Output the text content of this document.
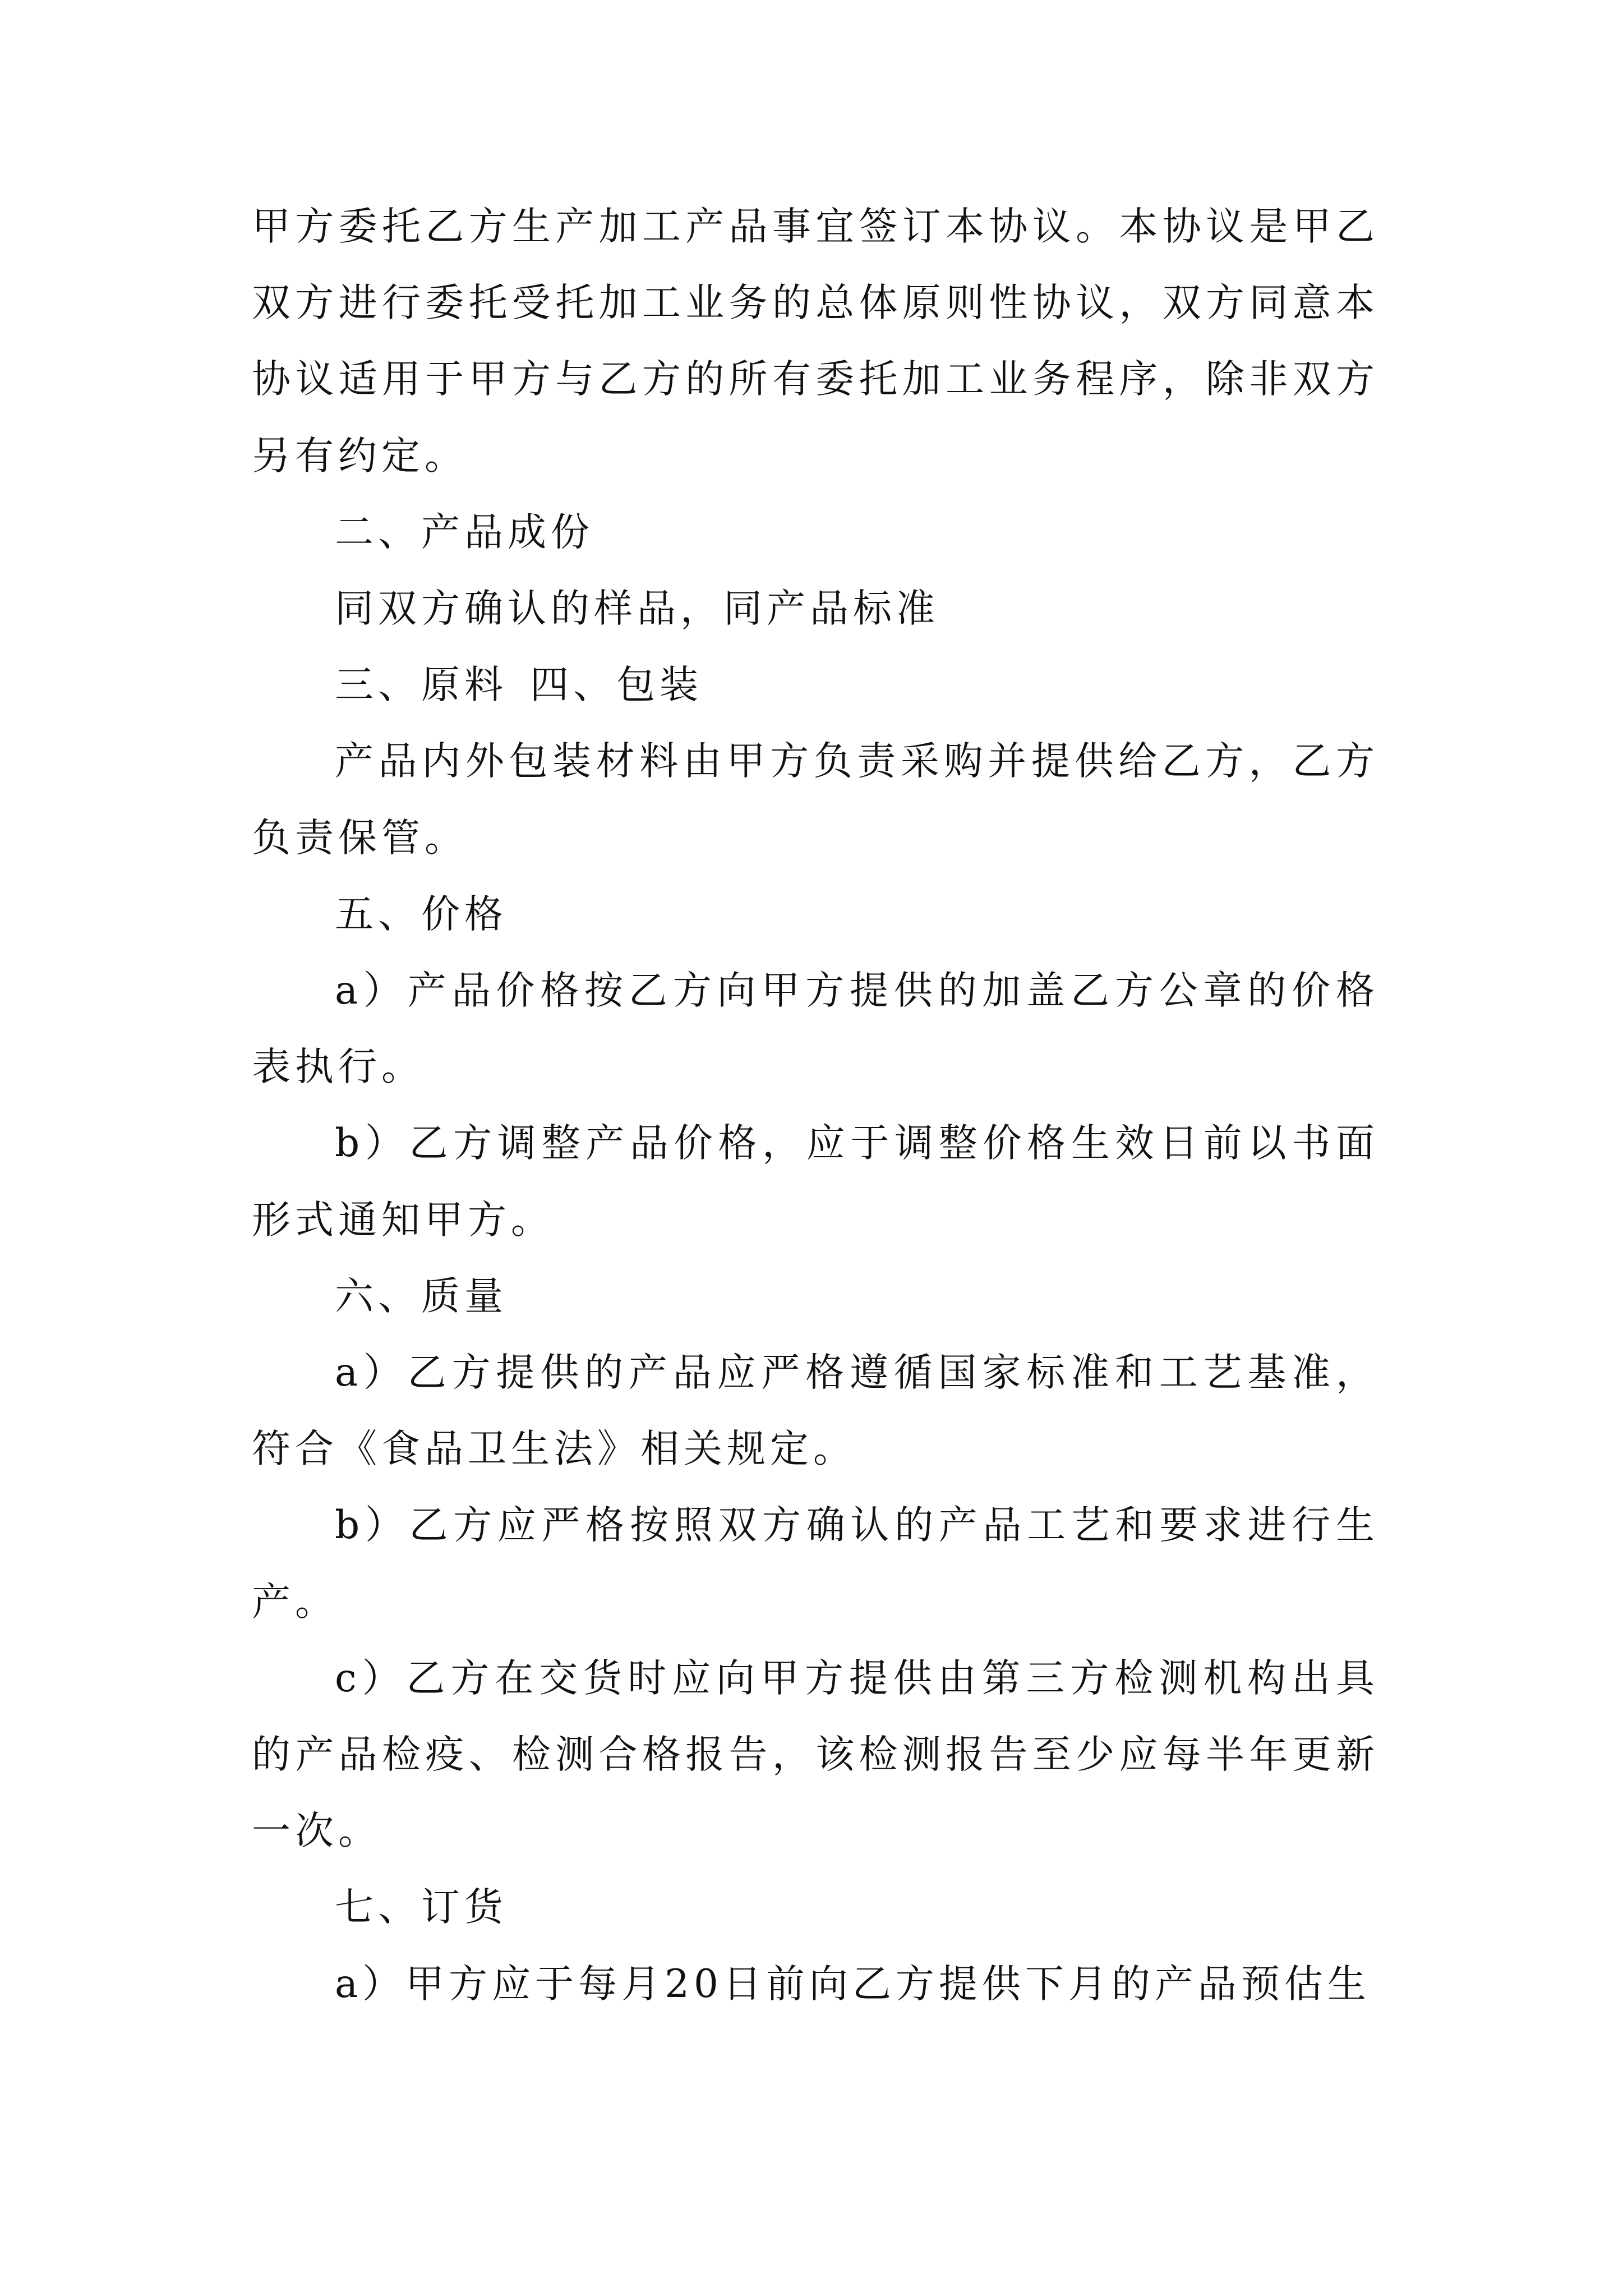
甲方委托乙方生产加工产品事宜签订本协议。本协议是甲乙双方进行委托受托加工业务的总体原则性协议，双方同意本协议适用于甲方与乙方的所有委托加工业务程序，除非双方另有约定。

二、产品成份

同双方确认的样品，同产品标准

三、原料 四、包装

产品内外包装材料由甲方负责采购并提供给乙方，乙方负责保管。

五、价格

a）产品价格按乙方向甲方提供的加盖乙方公章的价格表执行。

b）乙方调整产品价格，应于调整价格生效日前以书面形式通知甲方。

六、质量

a）乙方提供的产品应严格遵循国家标准和工艺基准，符合《食品卫生法》相关规定。

b）乙方应严格按照双方确认的产品工艺和要求进行生产。

c）乙方在交货时应向甲方提供由第三方检测机构出具的产品检疫、检测合格报告，该检测报告至少应每半年更新一次。

七、订货

a）甲方应于每月20日前向乙方提供下月的产品预估生
